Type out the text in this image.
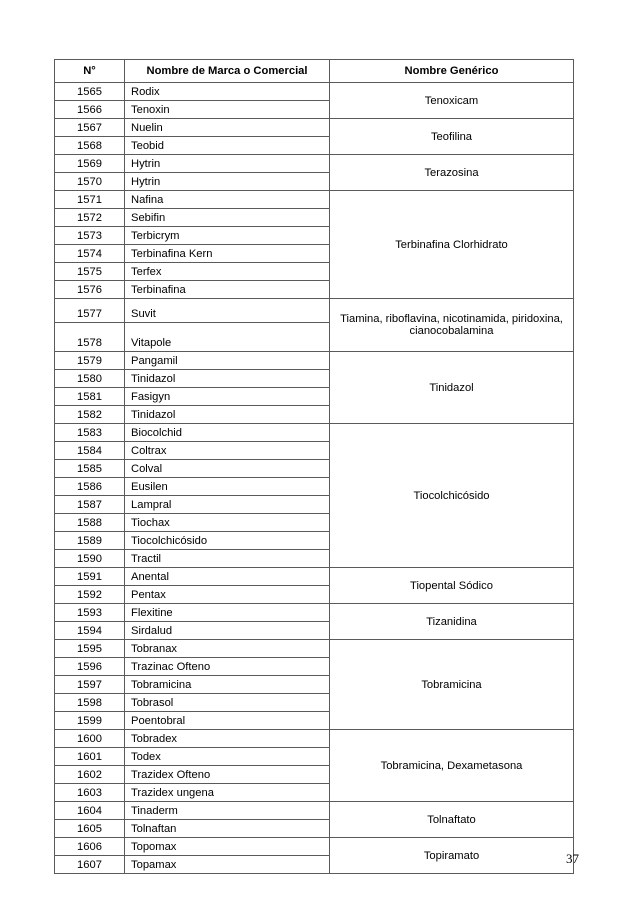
N°	Nombre de Marca o Comercial	Nombre Genérico
1565	Rodix	Tenoxicam
1566	Tenoxin	
1567	Nuelin	Teofilina
1568	Teobid	
1569	Hytrin	Terazosina
1570	Hytrin	
1571	Nafina	Terbinafina Clorhidrato
1572	Sebifin	
1573	Terbicrym	
1574	Terbinafina Kern	
1575	Terfex	
1576	Terbinafina	
1577	Suvit	Tiamina, riboflavina, nicotinamida, piridoxina, cianocobalamina
1578	Vitapole	
1579	Pangamil	Tinidazol
1580	Tinidazol	
1581	Fasigyn	
1582	Tinidazol	
1583	Biocolchid	Tiocolchicósido
1584	Coltrax	
1585	Colval	
1586	Eusilen	
1587	Lampral	
1588	Tiochax	
1589	Tiocolchicósido	
1590	Tractil	
1591	Anental	Tiopental Sódico
1592	Pentax	
1593	Flexitine	Tizanidina
1594	Sirdalud	
1595	Tobranax	Tobramicina
1596	Trazinac Ofteno	
1597	Tobramicina	
1598	Tobrasol	
1599	Poentobral	
1600	Tobradex	Tobramicina, Dexametasona
1601	Todex	
1602	Trazidex Ofteno	
1603	Trazidex ungena	
1604	Tinaderm	Tolnaftato
1605	Tolnaftan	
1606	Topomax	Topiramato
1607	Topamax		37
